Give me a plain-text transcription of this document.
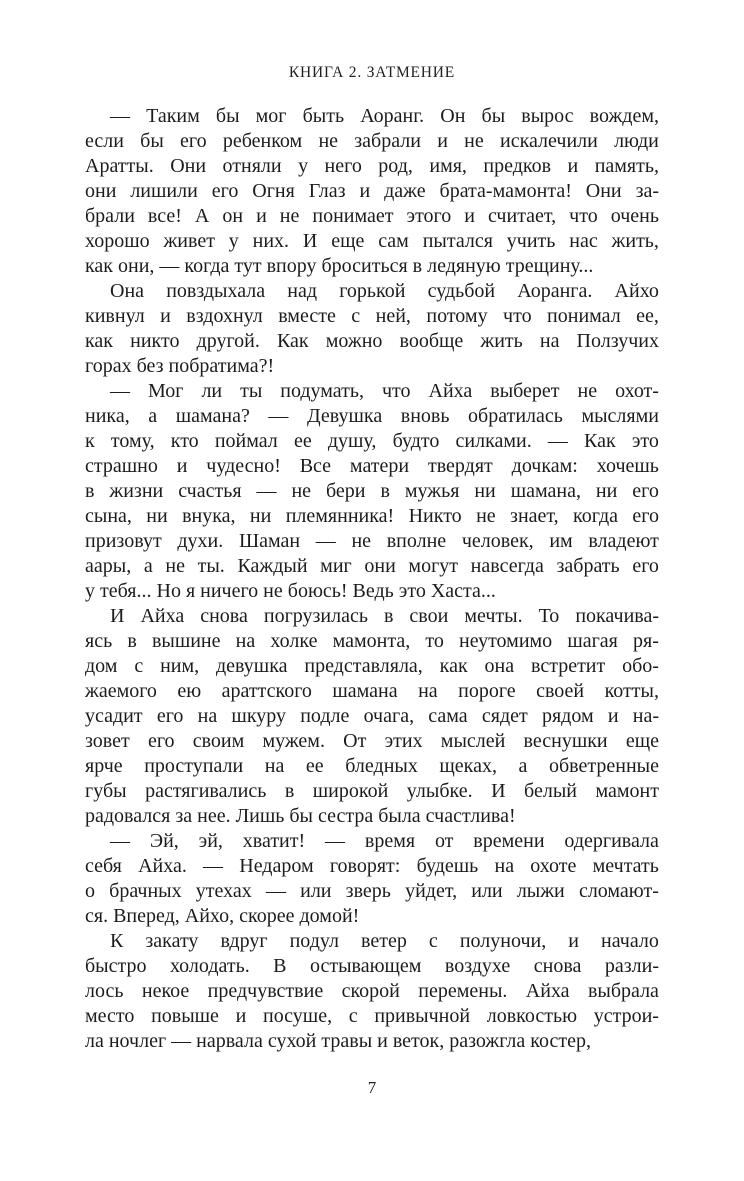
КНИГА 2. ЗАТМЕНИЕ
— Таким бы мог быть Аоранг. Он бы вырос вождем,
если бы его ребенком не забрали и не искалечили люди
Аратты. Они отняли у него род, имя, предков и память,
они лишили его Огня Глаз и даже брата-мамонта! Они за-
брали все! А он и не понимает этого и считает, что очень
хорошо живет у них. И еще сам пытался учить нас жить,
как они, — когда тут впору броситься в ледяную трещину...
Она повздыхала над горькой судьбой Аоранга. Айхо
кивнул и вздохнул вместе с ней, потому что понимал ее,
как никто другой. Как можно вообще жить на Ползучих
горах без побратима?!
— Мог ли ты подумать, что Айха выберет не охот-
ника, а шамана? — Девушка вновь обратилась мыслями
к тому, кто поймал ее душу, будто силками. — Как это
страшно и чудесно! Все матери твердят дочкам: хочешь
в жизни счастья — не бери в мужья ни шамана, ни его
сына, ни внука, ни племянника! Никто не знает, когда его
призовут духи. Шаман — не вполне человек, им владеют
аары, а не ты. Каждый миг они могут навсегда забрать его
у тебя... Но я ничего не боюсь! Ведь это Хаста...
И Айха снова погрузилась в свои мечты. То покачива-
ясь в вышине на холке мамонта, то неутомимо шагая ря-
дом с ним, девушка представляла, как она встретит обо-
жаемого ею араттского шамана на пороге своей котты,
усадит его на шкуру подле очага, сама сядет рядом и на-
зовет его своим мужем. От этих мыслей веснушки еще
ярче проступали на ее бледных щеках, а обветренные
губы растягивались в широкой улыбке. И белый мамонт
радовался за нее. Лишь бы сестра была счастлива!
— Эй, эй, хватит! — время от времени одергивала
себя Айха. — Недаром говорят: будешь на охоте мечтать
о брачных утехах — или зверь уйдет, или лыжи сломают-
ся. Вперед, Айхо, скорее домой!
К закату вдруг подул ветер с полуночи, и начало
быстро холодать. В остывающем воздухе снова разли-
лось некое предчувствие скорой перемены. Айха выбрала
место повыше и посуше, с привычной ловкостью устрои-
ла ночлег — нарвала сухой травы и веток, разожгла костер,
7
